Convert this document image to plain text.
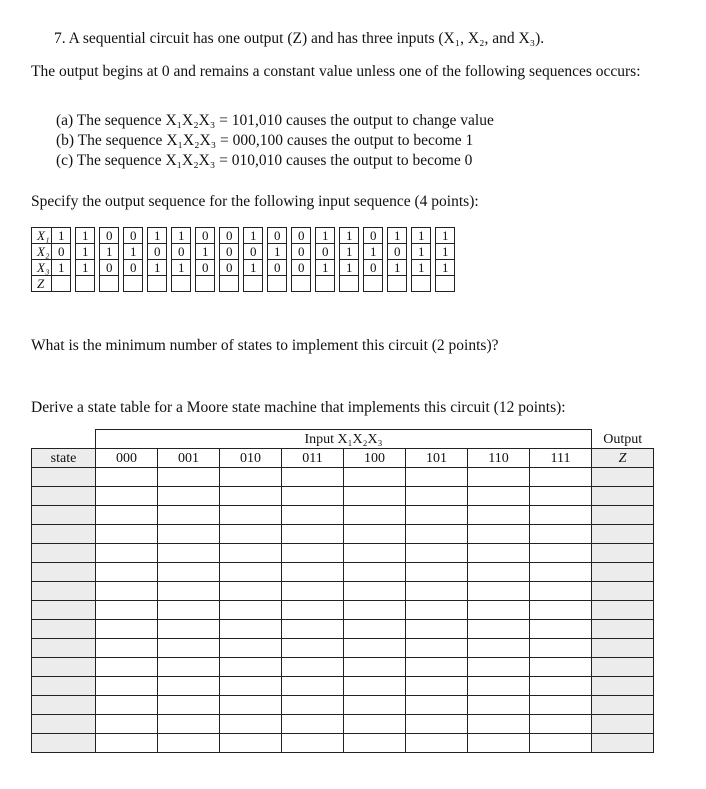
7. A sequential circuit has one output (Z) and has three inputs (X₁, X₂, and X₃).
The output begins at 0 and remains a constant value unless one of the following sequences occurs:
(a) The sequence X₁X₂X₃ = 101,010 causes the output to change value
(b) The sequence X₁X₂X₃ = 000,100 causes the output to become 1
(c) The sequence X₁X₂X₃ = 010,010 causes the output to become 0
Specify the output sequence for the following input sequence (4 points):
X₁	1		1		0		0		1		1		0		0		1		0		0		1		1		0		1		1		1
X₂	0		1		1		1		0		0		1		0		0		1		0		0		1		1		0		1		1
X₃	1		1		0		0		1		1		0		0		1		0		0		1		1		0		1		1		1
Z																																	
What is the minimum number of states to implement this circuit (2 points)?
Derive a state table for a Moore state machine that implements this circuit (12 points):
	Input X₁X₂X₃								Output
state	000	001	010	011	100	101	110	111	Z
